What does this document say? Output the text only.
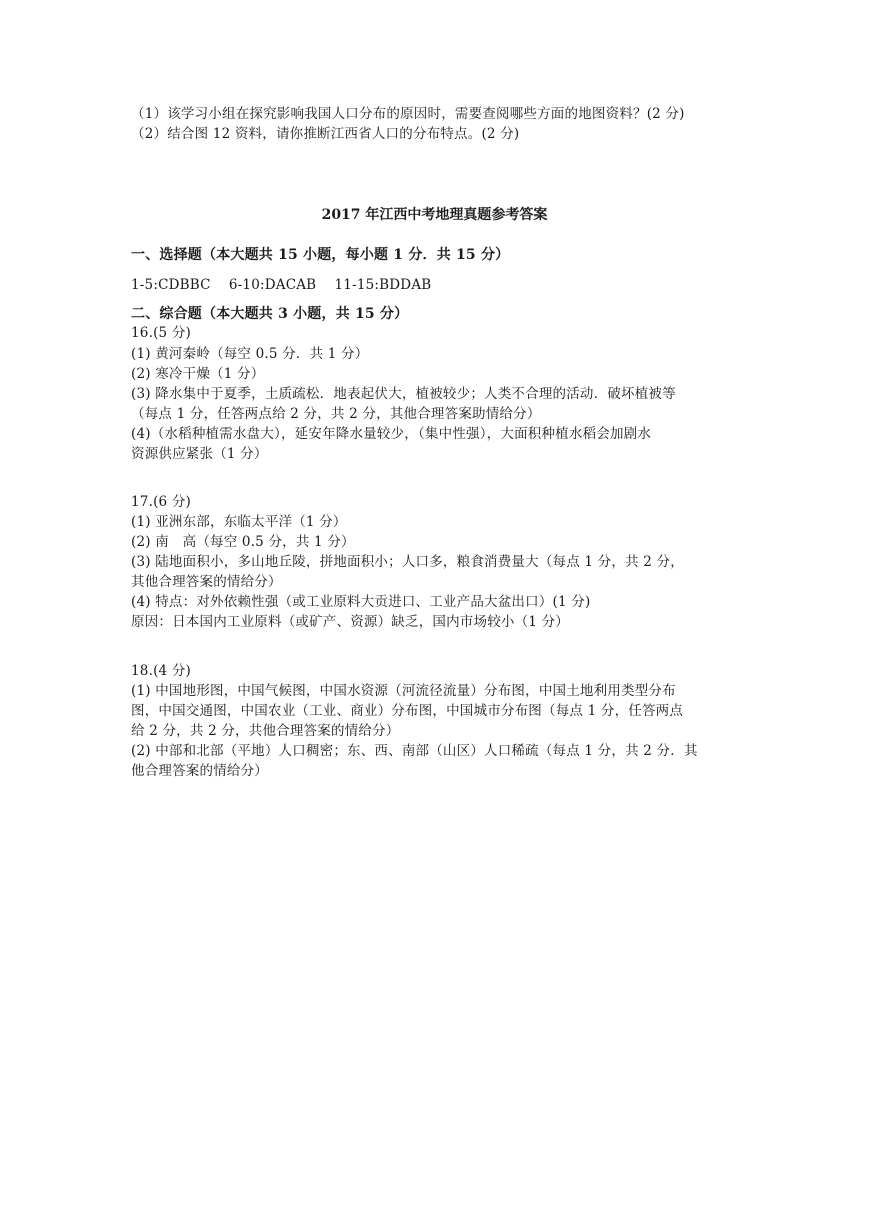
（1）该学习小组在探究影响我国人口分布的原因时，需要查阅哪些方面的地图资料？(2 分)
（2）结合图 12 资料，请你推断江西省人口的分布特点。(2 分)
2017 年江西中考地理真题参考答案
一、选择题（本大题共 15 小题，每小题 1 分．共 15 分）
1-5:CDBBC　 6-10:DACAB　 11-15:BDDAB
二、综合题（本大题共 3 小题，共 15 分）
16.(5 分)
(1) 黄河秦岭（每空 0.5 分．共 1 分）
(2) 寒冷干燥（1 分）
(3) 降水集中于夏季，土质疏松．地表起伏大，植被较少；人类不合理的活动．破坏植被等
（每点 1 分，任答两点给 2 分，共 2 分，其他合理答案助情给分）
(4)（水稻种植需水盘大），延安年降水量较少，（集中性强），大面积种植水稻会加剧水
资源供应紧张（1 分）
17.(6 分)
(1) 亚洲东部，东临太平洋（1 分）
(2) 南　高（每空 0.5 分，共 1 分）
(3) 陆地面积小，多山地丘陵，拼地面积小；人口多，粮食消费量大（每点 1 分，共 2 分，
其他合理答案的情给分）
(4) 特点：对外依赖性强（或工业原料大贡进口、工业产品大盆出口）(1 分)
原因：日本国内工业原料（或矿产、资源）缺乏，国内市场较小（1 分）
18.(4 分)
(1) 中国地形图，中国气候图，中国水资源（河流径流量）分布图，中国土地利用类型分布
图，中国交通图，中国农业（工业、商业）分布图，中国城市分布图（每点 1 分，任答两点
给 2 分，共 2 分，共他合理答案的情给分）
(2) 中部和北部（平地）人口稠密；东、西、南部（山区）人口稀疏（每点 1 分，共 2 分．其
他合理答案的情给分）
